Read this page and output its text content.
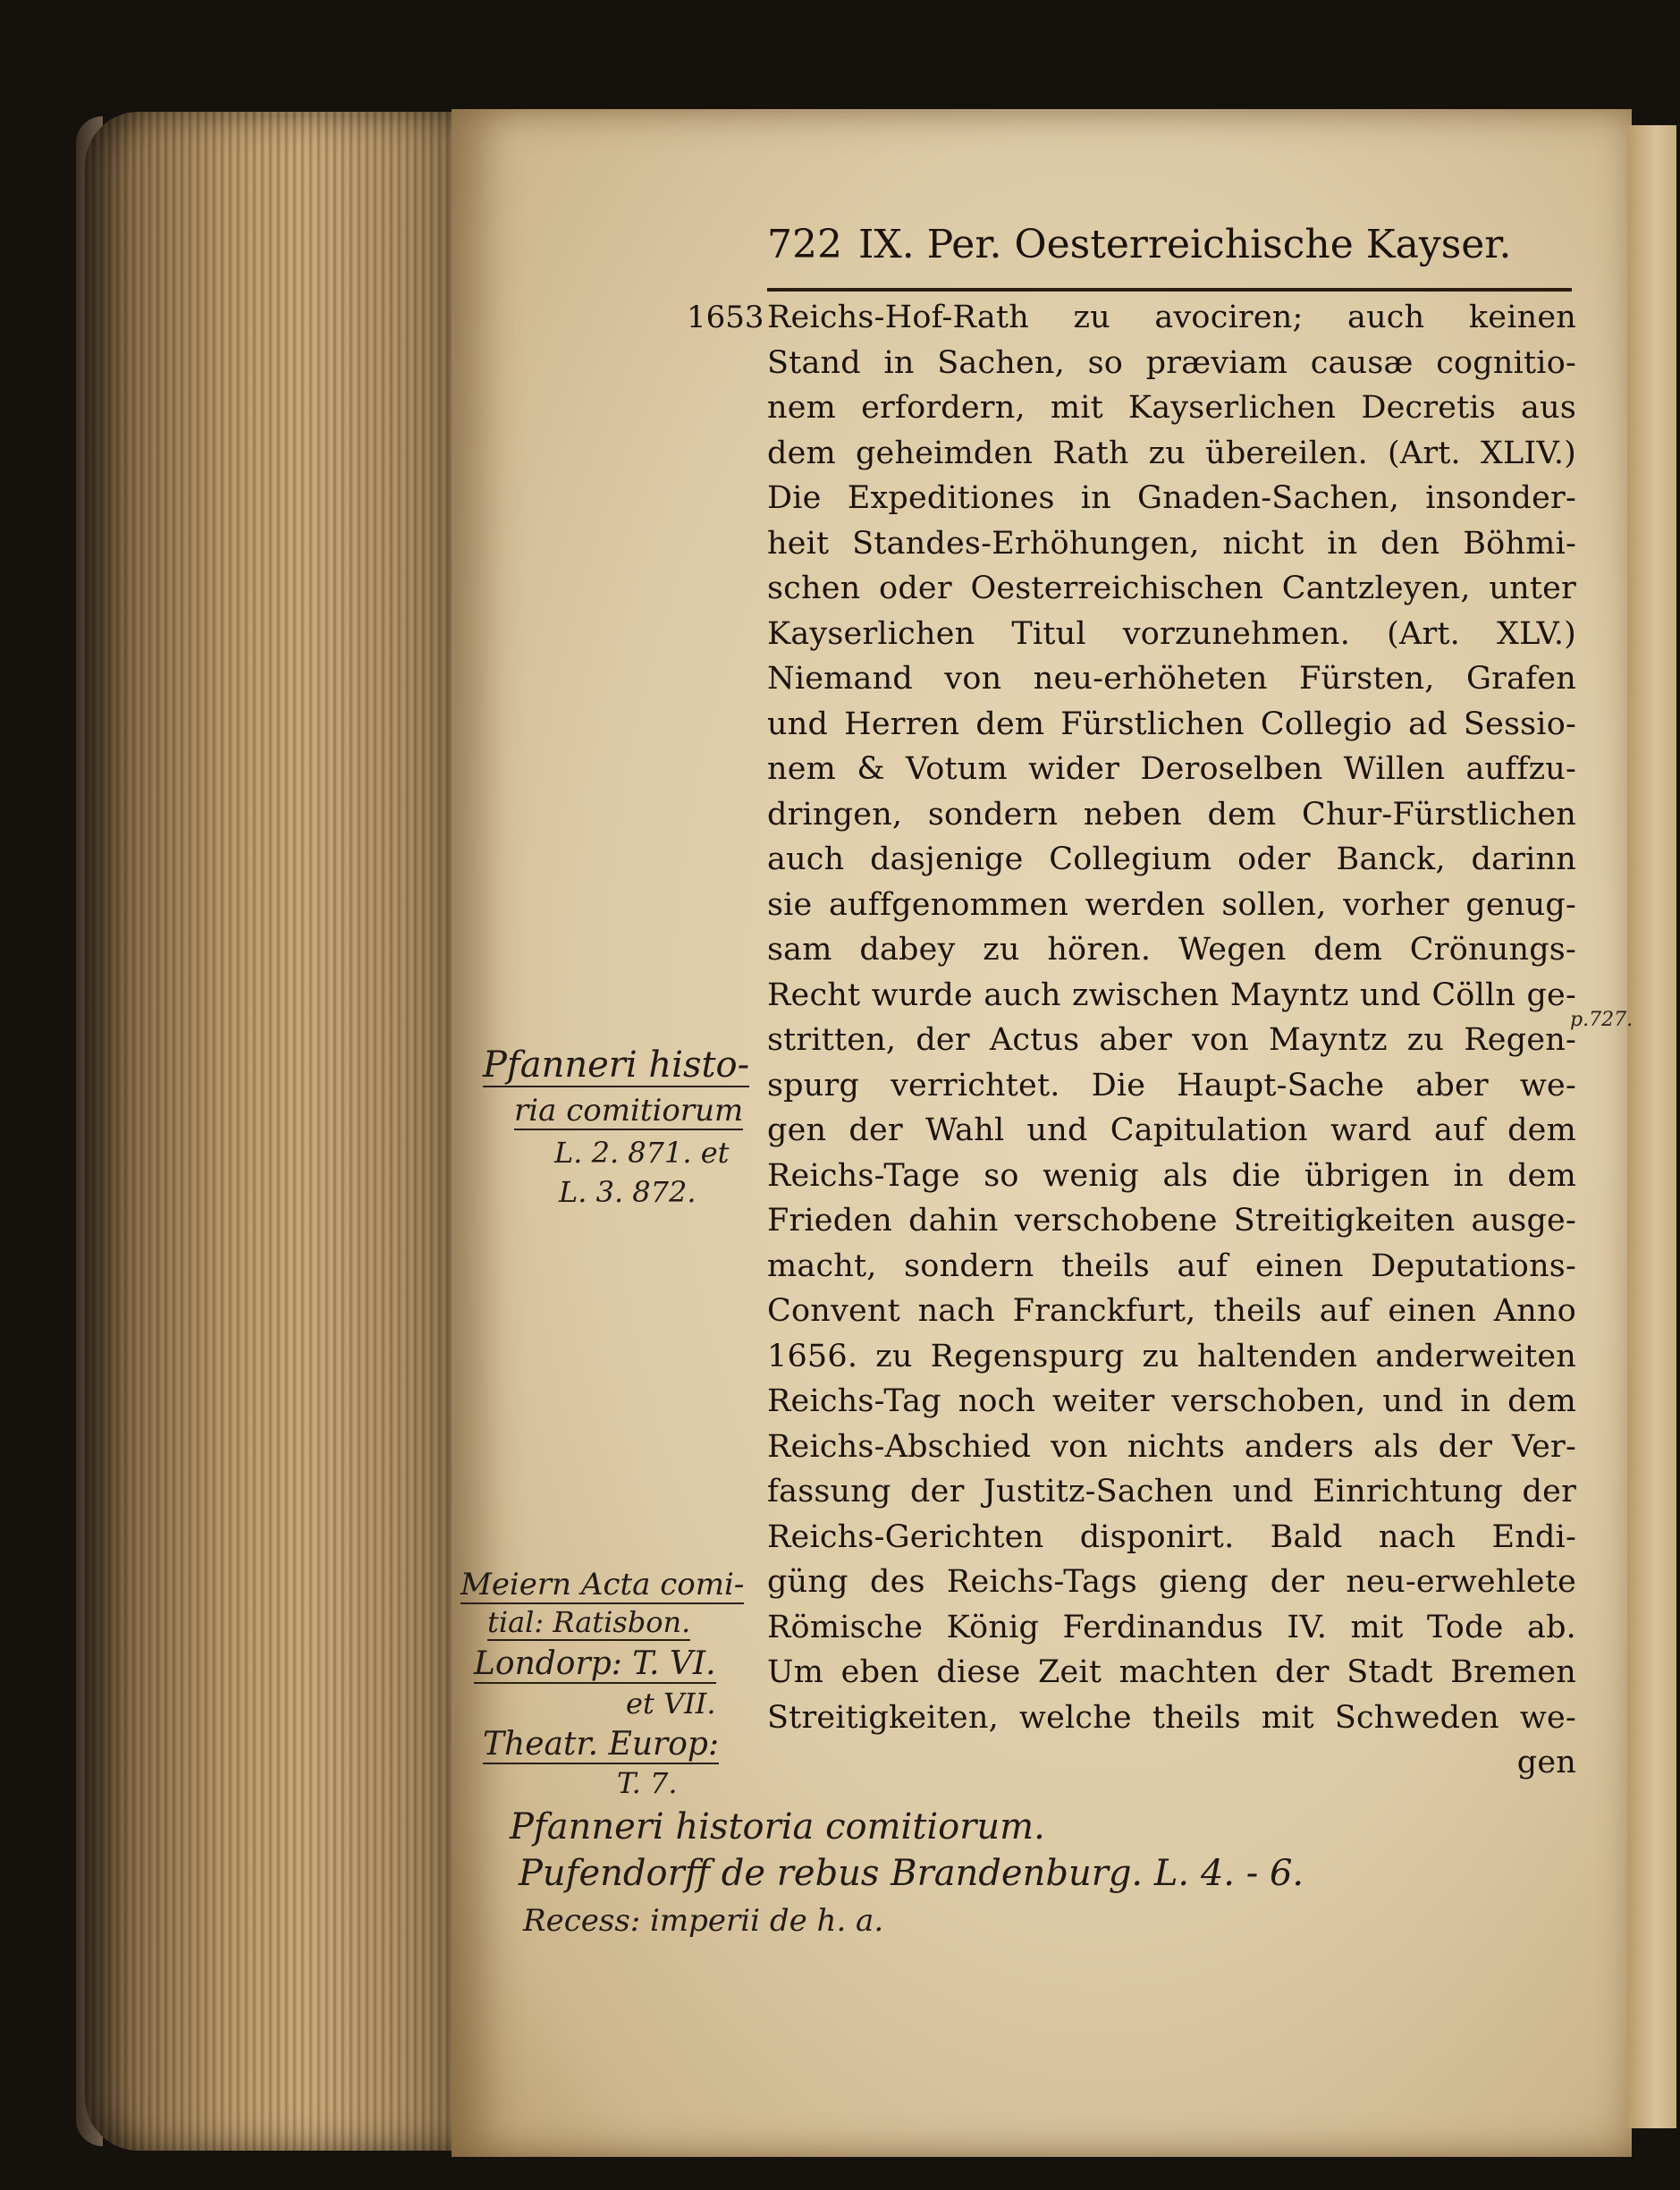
722 IX. Per. Oesterreichische Kayser.
1653
p.727.
Reichs-Hof-Rath zu avociren; auch keinen
Stand in Sachen, so præviam causæ cognitio-
nem erfordern, mit Kayserlichen Decretis aus
dem geheimden Rath zu übereilen. (Art. XLIV.)
Die Expeditiones in Gnaden-Sachen, insonder-
heit Standes-Erhöhungen, nicht in den Böhmi-
schen oder Oesterreichischen Cantzleyen, unter
Kayserlichen Titul vorzunehmen. (Art. XLV.)
Niemand von neu-erhöheten Fürsten, Grafen
und Herren dem Fürstlichen Collegio ad Sessio-
nem & Votum wider Deroselben Willen auffzu-
dringen, sondern neben dem Chur-Fürstlichen
auch dasjenige Collegium oder Banck, darinn
sie auffgenommen werden sollen, vorher genug-
sam dabey zu hören. Wegen dem Crönungs-
Recht wurde auch zwischen Mayntz und Cölln ge-
stritten, der Actus aber von Mayntz zu Regen-
spurg verrichtet. Die Haupt-Sache aber we-
gen der Wahl und Capitulation ward auf dem
Reichs-Tage so wenig als die übrigen in dem
Frieden dahin verschobene Streitigkeiten ausge-
macht, sondern theils auf einen Deputations-
Convent nach Franckfurt, theils auf einen Anno
1656. zu Regenspurg zu haltenden anderweiten
Reichs-Tag noch weiter verschoben, und in dem
Reichs-Abschied von nichts anders als der Ver-
fassung der Justitz-Sachen und Einrichtung der
Reichs-Gerichten disponirt. Bald nach Endi-
güng des Reichs-Tags gieng der neu-erwehlete
Römische König Ferdinandus IV. mit Tode ab.
Um eben diese Zeit machten der Stadt Bremen
Streitigkeiten, welche theils mit Schweden we-
gen
Pfanneri histo-
ria comitiorum
L. 2. 871. et
L. 3. 872.
Meiern Acta comi-
tial: Ratisbon.
Londorp: T. VI.
et VII.
Theatr. Europ:
T. 7.
Pfanneri historia comitiorum.
Pufendorff de rebus Brandenburg. L. 4. - 6.
Recess: imperii de h. a.
